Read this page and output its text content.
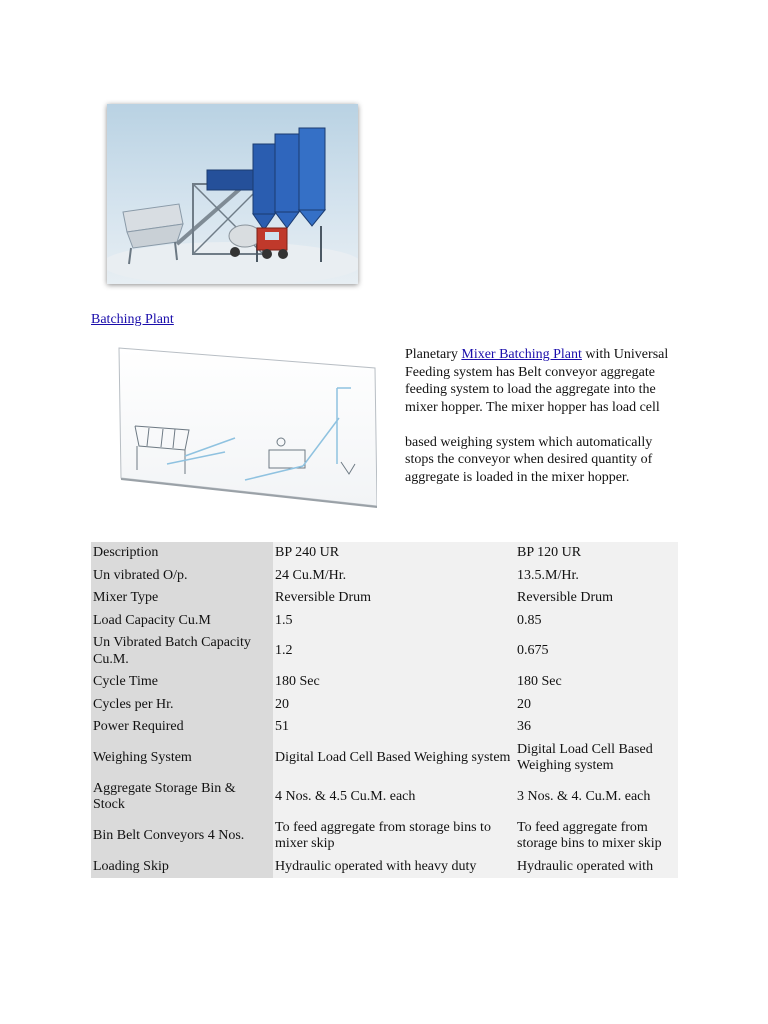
Batching Plant

Planetary Mixer Batching Plant with Universal Feeding system has Belt conveyor aggregate feeding system to load the aggregate into the mixer hopper. The mixer hopper has load cell

based weighing system which automatically stops the conveyor when desired quantity of aggregate is loaded in the mixer hopper.

Description	BP 240 UR	BP 120 UR
Un vibrated O/p.	24 Cu.M/Hr.	13.5.M/Hr.
Mixer Type	Reversible Drum	Reversible Drum
Load Capacity Cu.M	1.5	0.85
Un Vibrated Batch Capacity Cu.M.	1.2	0.675
Cycle Time	180 Sec	180 Sec
Cycles per Hr.	20	20
Power Required	51	36
Weighing System	Digital Load Cell Based Weighing system	Digital Load Cell Based Weighing system
Aggregate Storage Bin & Stock	4 Nos. & 4.5 Cu.M. each	3 Nos. & 4. Cu.M. each
Bin Belt Conveyors 4 Nos.	To feed aggregate from storage bins to mixer skip	To feed aggregate from storage bins to mixer skip
Loading Skip	Hydraulic operated with heavy duty	Hydraulic operated with
